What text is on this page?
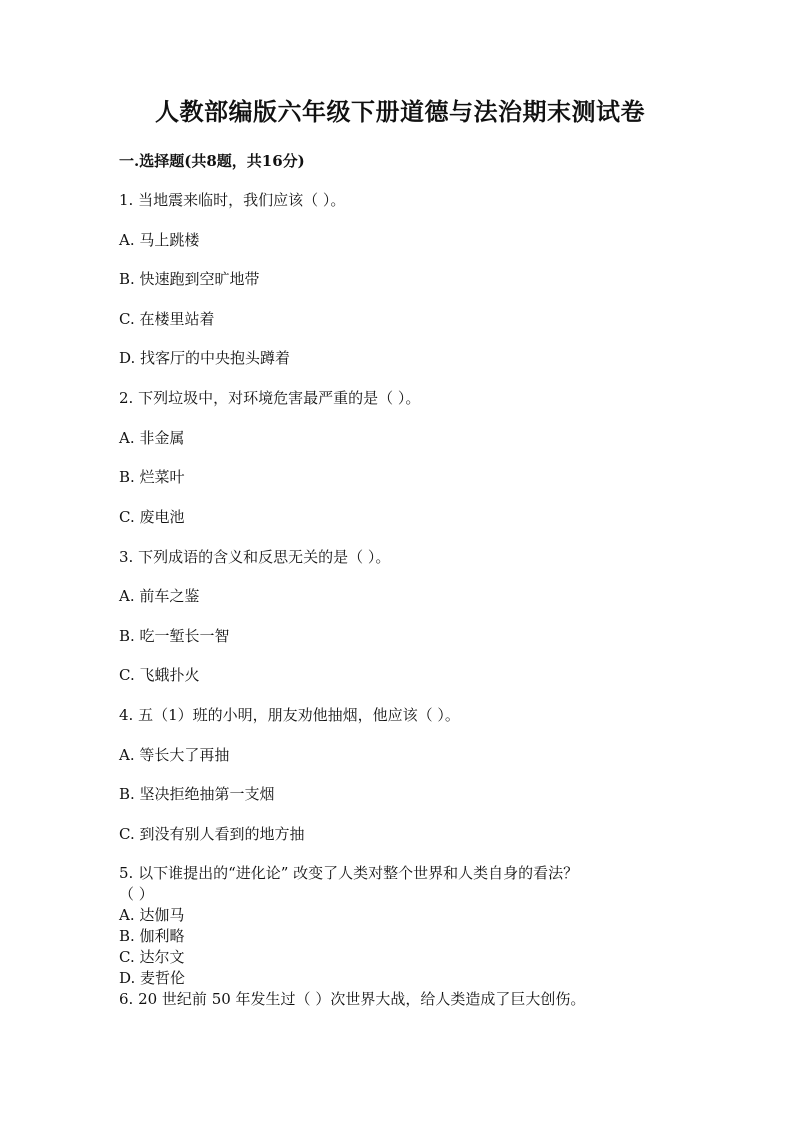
人教部编版六年级下册道德与法治期末测试卷
一.选择题(共8题，共16分)
1. 当地震来临时，我们应该（ ）。
A. 马上跳楼
B. 快速跑到空旷地带
C. 在楼里站着
D. 找客厅的中央抱头蹲着
2. 下列垃圾中，对环境危害最严重的是（ ）。
A. 非金属
B. 烂菜叶
C. 废电池
3. 下列成语的含义和反思无关的是（ ）。
A. 前车之鉴
B. 吃一堑长一智
C. 飞蛾扑火
4. 五（1）班的小明，朋友劝他抽烟，他应该（ ）。
A. 等长大了再抽
B. 坚决拒绝抽第一支烟
C. 到没有别人看到的地方抽
5. 以下谁提出的“进化论” 改变了人类对整个世界和人类自身的看法？
（ ）
A. 达伽马
B. 伽利略
C. 达尔文
D. 麦哲伦
6. 20 世纪前 50 年发生过（ ）次世界大战，给人类造成了巨大创伤。
